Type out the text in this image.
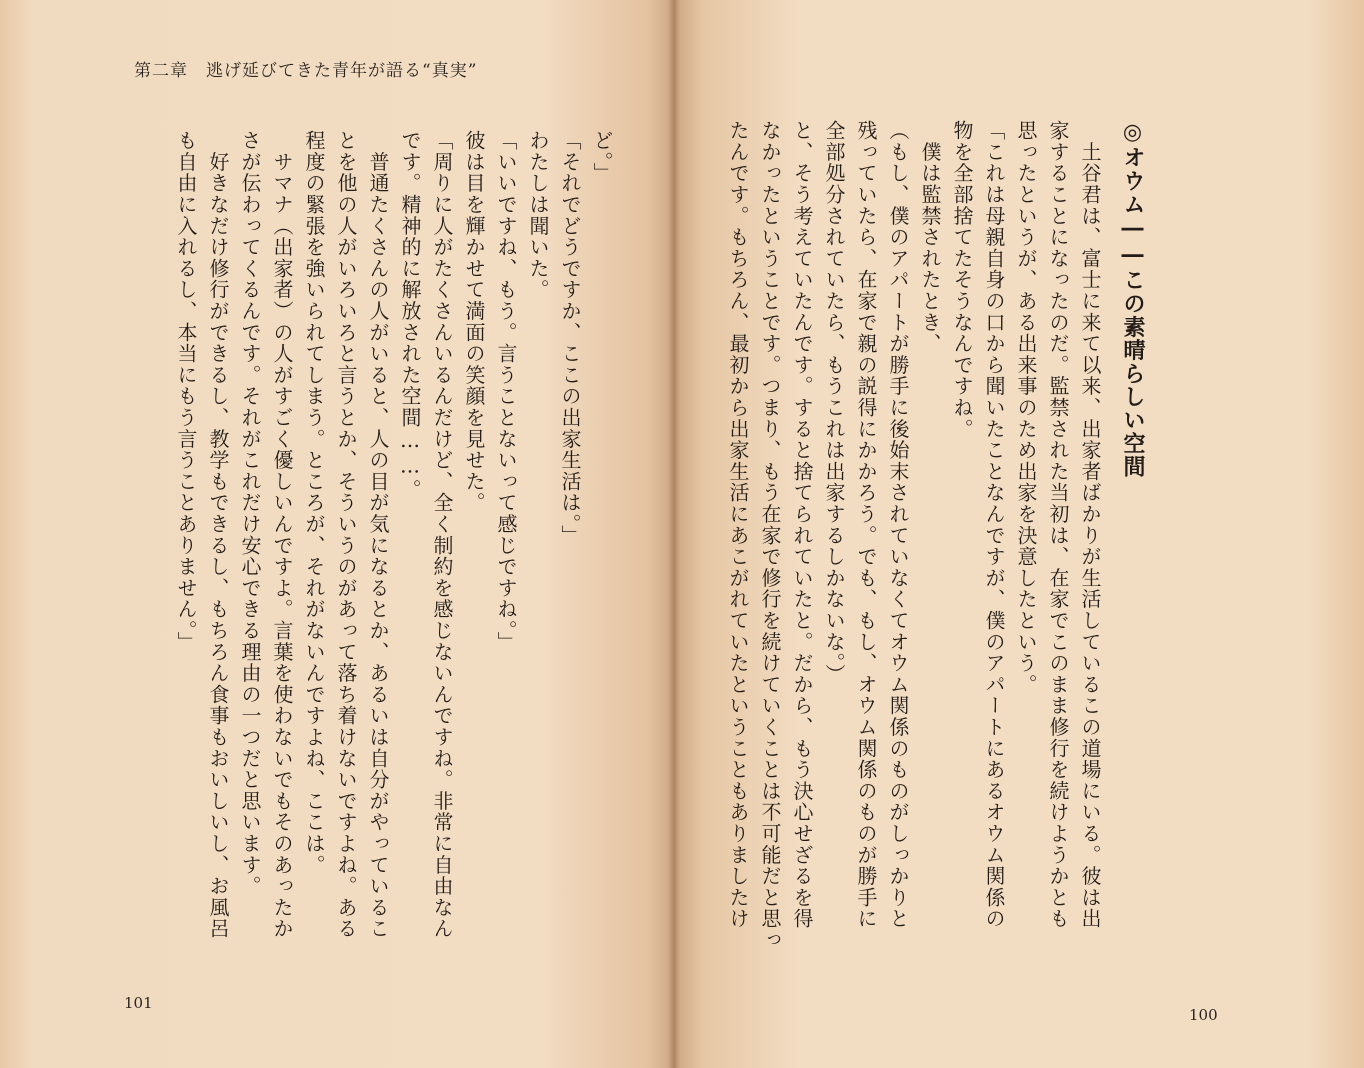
第二章　逃げ延びてきた青年が語る“真実”
ど。」
「それでどうですか、ここの出家生活は。」
わたしは聞いた。
「いいですね、もう。言うことないって感じですね。」
彼は目を輝かせて満面の笑顔を見せた。
「周りに人がたくさんいるんだけど、全く制約を感じないんですね。非常に自由なん
です。精神的に解放された空間……。
　普通たくさんの人がいると、人の目が気になるとか、あるいは自分がやっているこ
とを他の人がいろいろと言うとか、そういうのがあって落ち着けないですよね。ある
程度の緊張を強いられてしまう。ところが、それがないんですよね、ここは。
　サマナ（出家者）の人がすごく優しいんですよ。言葉を使わないでもそのあったか
さが伝わってくるんです。それがこれだけ安心できる理由の一つだと思います。
　好きなだけ修行ができるし、教学もできるし、もちろん食事もおいしいし、お風呂
も自由に入れるし、本当にもう言うことありません。」	◎オウム――この素晴らしい空間
　土谷君は、富士に来て以来、出家者ばかりが生活しているこの道場にいる。彼は出
家することになったのだ。監禁された当初は、在家でこのまま修行を続けようかとも
思ったというが、ある出来事のため出家を決意したという。
「これは母親自身の口から聞いたことなんですが、僕のアパートにあるオウム関係の
物を全部捨てたそうなんですね。
　僕は監禁されたとき、
（もし、僕のアパートが勝手に後始末されていなくてオウム関係のものがしっかりと
残っていたら、在家で親の説得にかかろう。でも、もし、オウム関係のものが勝手に
全部処分されていたら、もうこれは出家するしかないな。）
と、そう考えていたんです。すると捨てられていたと。だから、もう決心せざるを得
なかったということです。つまり、もう在家で修行を続けていくことは不可能だと思っ
たんです。もちろん、最初から出家生活にあこがれていたということもありましたけ
101
100
